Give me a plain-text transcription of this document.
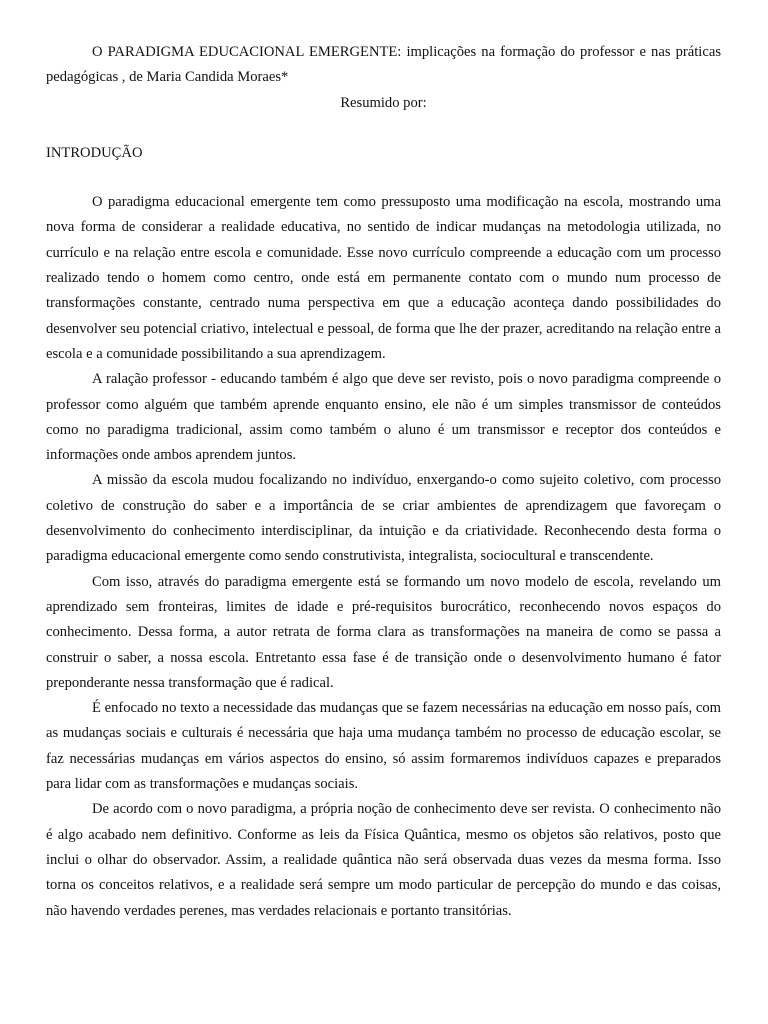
O PARADIGMA EDUCACIONAL EMERGENTE: implicações na formação do professor e nas práticas pedagógicas , de Maria Candida Moraes*

Resumido por:

INTRODUÇÃO

O paradigma educacional emergente tem como pressuposto uma modificação na escola, mostrando uma nova forma de considerar a realidade educativa, no sentido de indicar mudanças na metodologia utilizada, no currículo e na relação entre escola e comunidade. Esse novo currículo compreende a educação com um processo realizado tendo o homem como centro, onde está em permanente contato com o mundo num processo de transformações constante, centrado numa perspectiva em que a educação aconteça dando possibilidades do desenvolver seu potencial criativo, intelectual e pessoal, de forma que lhe der prazer, acreditando na relação entre a escola e a comunidade possibilitando a sua aprendizagem.

A ralação professor - educando também é algo que deve ser revisto, pois o novo paradigma compreende o professor como alguém que também aprende enquanto ensino, ele não é um simples transmissor de conteúdos como no paradigma tradicional, assim como também o aluno é um transmissor e receptor dos conteúdos e informações onde ambos aprendem juntos.

A missão da escola mudou focalizando no indivíduo, enxergando-o como sujeito coletivo, com processo coletivo de construção do saber e a importância de se criar ambientes de aprendizagem que favoreçam o desenvolvimento do conhecimento interdisciplinar, da intuição e da criatividade. Reconhecendo desta forma o paradigma educacional emergente como sendo construtivista, integralista, sociocultural e transcendente.

Com isso, através do paradigma emergente está se formando um novo modelo de escola, revelando um aprendizado sem fronteiras, limites de idade e pré-requisitos burocrático, reconhecendo novos espaços do conhecimento. Dessa forma, a autor retrata de forma clara as transformações na maneira de como se passa a construir o saber, a nossa escola. Entretanto essa fase é de transição onde o desenvolvimento humano é fator preponderante nessa transformação que é radical.

É enfocado no texto a necessidade das mudanças que se fazem necessárias na educação em nosso país, com as mudanças sociais e culturais é necessária que haja uma mudança também no processo de educação escolar, se faz necessárias mudanças em vários aspectos do ensino, só assim formaremos indivíduos capazes e preparados para lidar com as transformações e mudanças sociais.

De acordo com o novo paradigma, a própria noção de conhecimento deve ser revista. O conhecimento não é algo acabado nem definitivo. Conforme as leis da Física Quântica, mesmo os objetos são relativos, posto que inclui o olhar do observador. Assim, a realidade quântica não será observada duas vezes da mesma forma. Isso torna os conceitos relativos, e a realidade será sempre um modo particular de percepção do mundo e das coisas, não havendo verdades perenes, mas verdades relacionais e portanto transitórias.
